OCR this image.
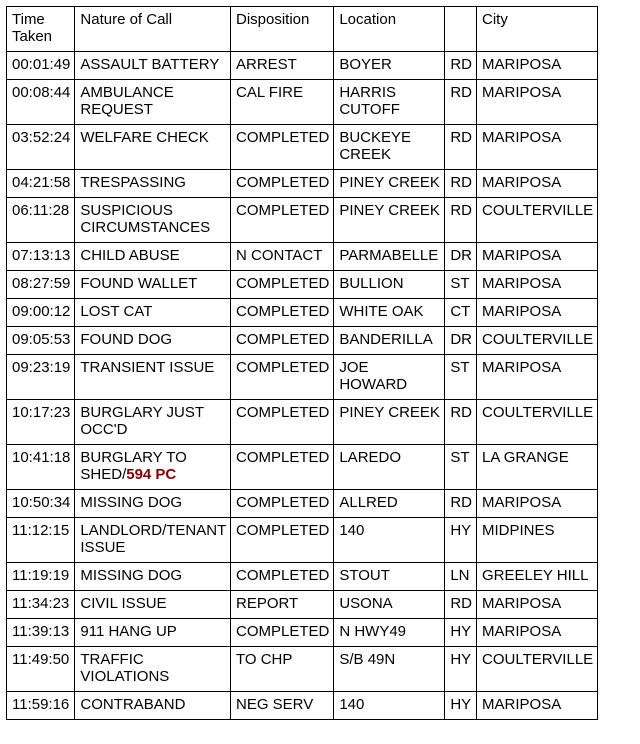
Time Taken	Nature of Call	Disposition	Location		City
00:01:49	ASSAULT BATTERY	ARREST	BOYER	RD	MARIPOSA
00:08:44	AMBULANCE REQUEST	CAL FIRE	HARRIS CUTOFF	RD	MARIPOSA
03:52:24	WELFARE CHECK	COMPLETED	BUCKEYE CREEK	RD	MARIPOSA
04:21:58	TRESPASSING	COMPLETED	PINEY CREEK	RD	MARIPOSA
06:11:28	SUSPICIOUS CIRCUMSTANCES	COMPLETED	PINEY CREEK	RD	COULTERVILLE
07:13:13	CHILD ABUSE	N CONTACT	PARMABELLE	DR	MARIPOSA
08:27:59	FOUND WALLET	COMPLETED	BULLION	ST	MARIPOSA
09:00:12	LOST CAT	COMPLETED	WHITE OAK	CT	MARIPOSA
09:05:53	FOUND DOG	COMPLETED	BANDERILLA	DR	COULTERVILLE
09:23:19	TRANSIENT ISSUE	COMPLETED	JOE HOWARD	ST	MARIPOSA
10:17:23	BURGLARY JUST OCC'D	COMPLETED	PINEY CREEK	RD	COULTERVILLE
10:41:18	BURGLARY TO SHED/594 PC	COMPLETED	LAREDO	ST	LA GRANGE
10:50:34	MISSING DOG	COMPLETED	ALLRED	RD	MARIPOSA
11:12:15	LANDLORD/TENANT ISSUE	COMPLETED	140	HY	MIDPINES
11:19:19	MISSING DOG	COMPLETED	STOUT	LN	GREELEY HILL
11:34:23	CIVIL ISSUE	REPORT	USONA	RD	MARIPOSA
11:39:13	911 HANG UP	COMPLETED	N HWY49	HY	MARIPOSA
11:49:50	TRAFFIC VIOLATIONS	TO CHP	S/B 49N	HY	COULTERVILLE
11:59:16	CONTRABAND	NEG SERV	140	HY	MARIPOSA
